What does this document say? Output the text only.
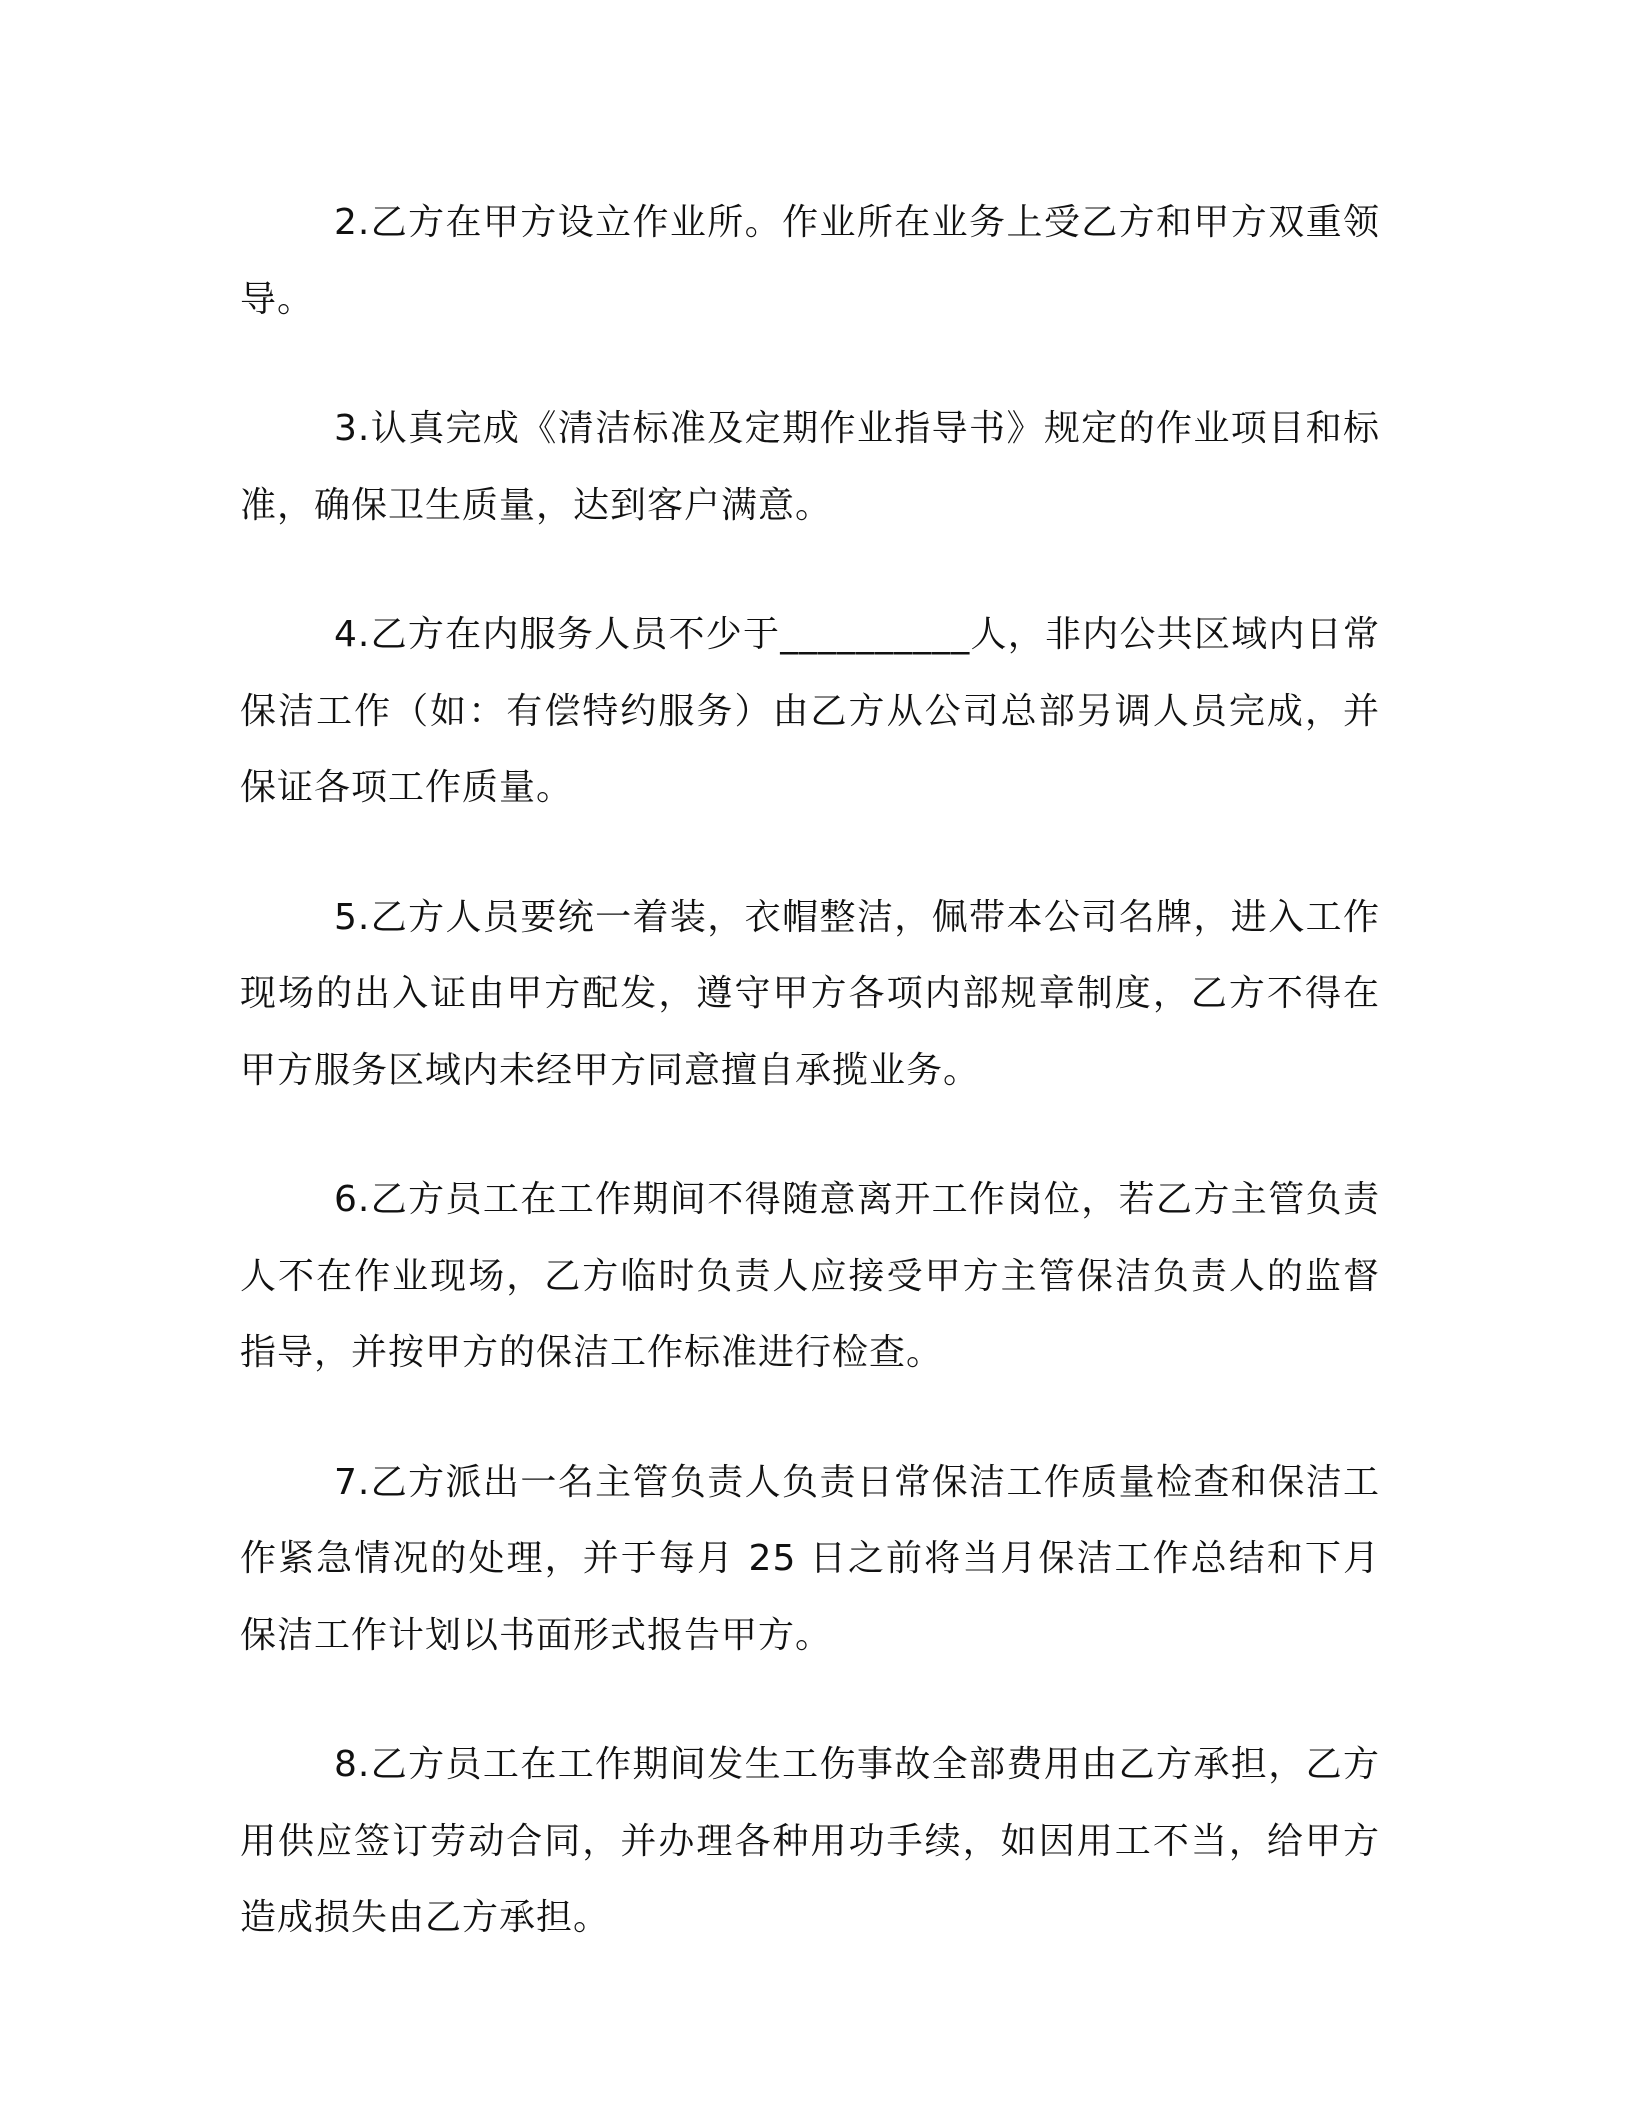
2.乙方在甲方设立作业所。作业所在业务上受乙方和甲方双重领导。

3.认真完成《清洁标准及定期作业指导书》规定的作业项目和标准，确保卫生质量，达到客户满意。

4.乙方在内服务人员不少于__________人，非内公共区域内日常保洁工作（如：有偿特约服务）由乙方从公司总部另调人员完成，并保证各项工作质量。

5.乙方人员要统一着装，衣帽整洁，佩带本公司名牌，进入工作现场的出入证由甲方配发，遵守甲方各项内部规章制度，乙方不得在甲方服务区域内未经甲方同意擅自承揽业务。

6.乙方员工在工作期间不得随意离开工作岗位，若乙方主管负责人不在作业现场，乙方临时负责人应接受甲方主管保洁负责人的监督指导，并按甲方的保洁工作标准进行检查。

7.乙方派出一名主管负责人负责日常保洁工作质量检查和保洁工作紧急情况的处理，并于每月 25 日之前将当月保洁工作总结和下月保洁工作计划以书面形式报告甲方。

8.乙方员工在工作期间发生工伤事故全部费用由乙方承担，乙方用供应签订劳动合同，并办理各种用功手续，如因用工不当，给甲方造成损失由乙方承担。
